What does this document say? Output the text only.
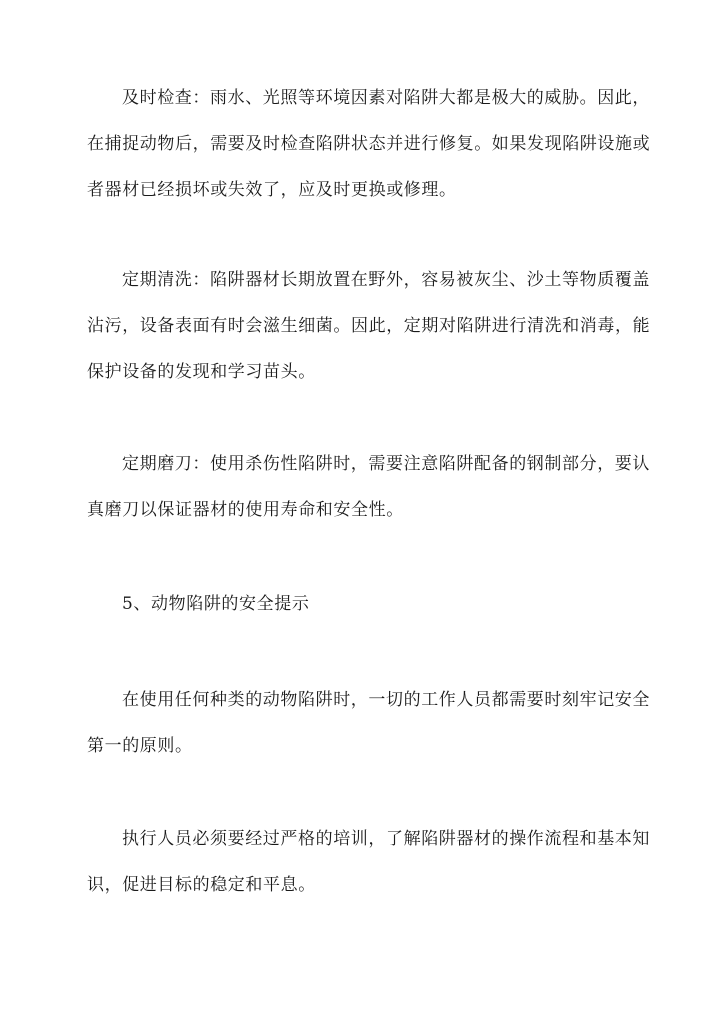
及时检查：雨水、光照等环境因素对陷阱大都是极大的威胁。因此，
在捕捉动物后，需要及时检查陷阱状态并进行修复。如果发现陷阱设施或
者器材已经损坏或失效了，应及时更换或修理。

定期清洗：陷阱器材长期放置在野外，容易被灰尘、沙土等物质覆盖
沾污，设备表面有时会滋生细菌。因此，定期对陷阱进行清洗和消毒，能
保护设备的发现和学习苗头。

定期磨刀：使用杀伤性陷阱时，需要注意陷阱配备的钢制部分，要认
真磨刀以保证器材的使用寿命和安全性。

5、动物陷阱的安全提示

在使用任何种类的动物陷阱时，一切的工作人员都需要时刻牢记安全
第一的原则。

执行人员必须要经过严格的培训，了解陷阱器材的操作流程和基本知
识，促进目标的稳定和平息。
